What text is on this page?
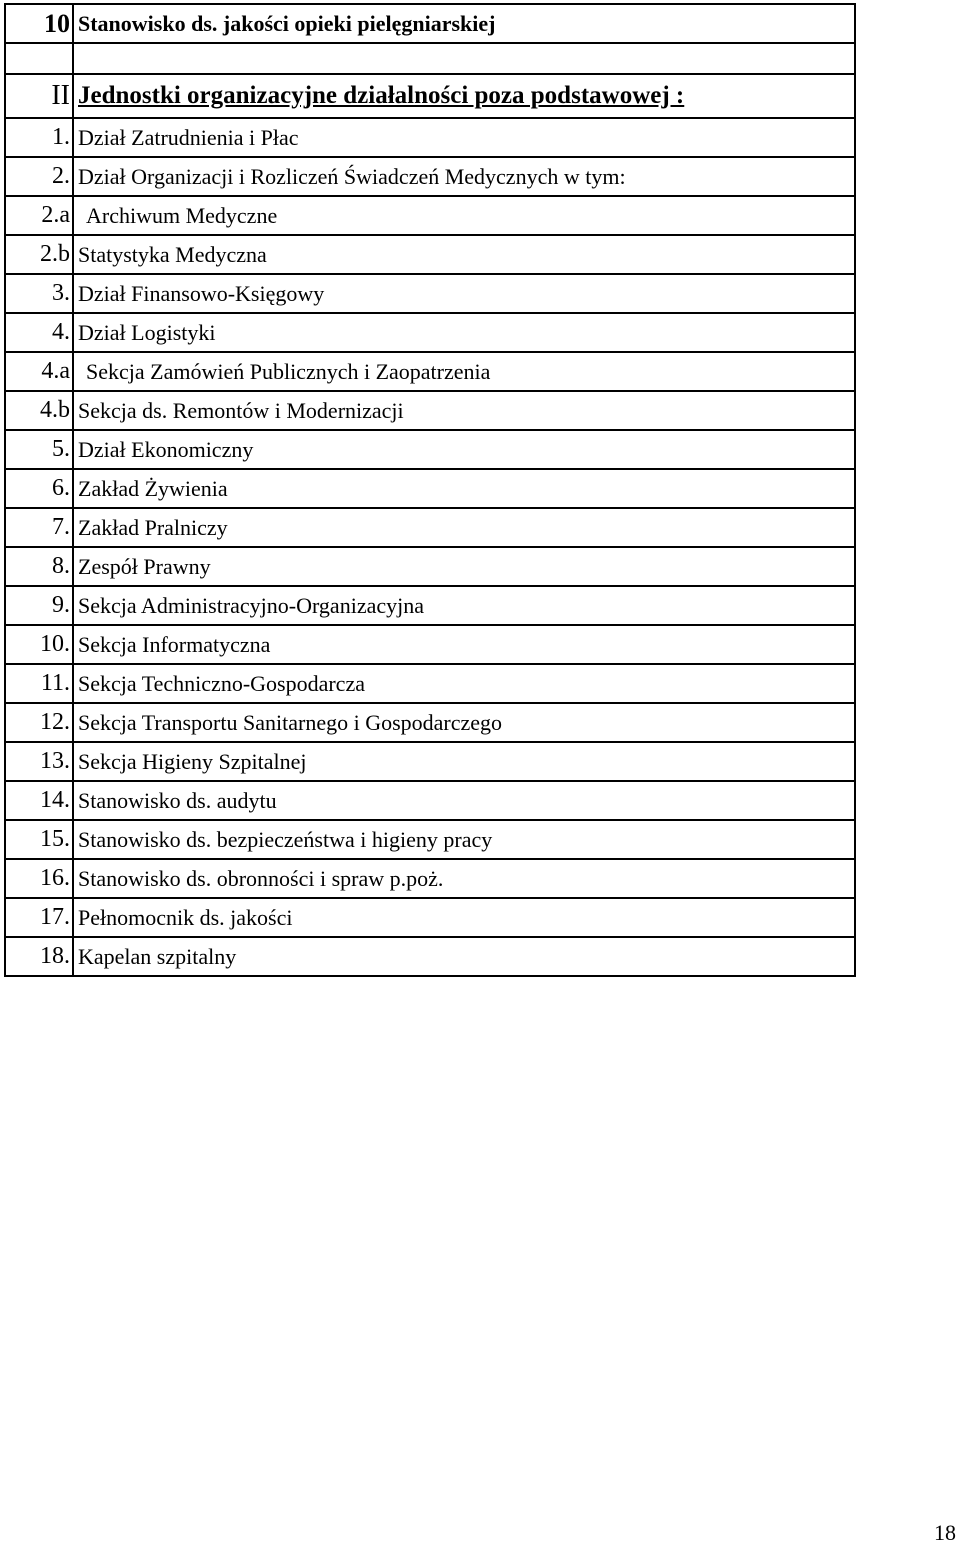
10	Stanowisko ds. jakości opieki pielęgniarskiej

II	Jednostki organizacyjne działalności poza podstawowej :
1.	Dział Zatrudnienia i Płac
2.	Dział Organizacji i Rozliczeń Świadczeń Medycznych w tym:
2.a	Archiwum Medyczne
2.b	Statystyka Medyczna
3.	Dział Finansowo-Księgowy
4.	Dział Logistyki
4.a	Sekcja Zamówień Publicznych i Zaopatrzenia
4.b	Sekcja ds. Remontów i Modernizacji
5.	Dział Ekonomiczny
6.	Zakład Żywienia
7.	Zakład Pralniczy
8.	Zespół Prawny
9.	Sekcja Administracyjno-Organizacyjna
10.	Sekcja Informatyczna
11.	Sekcja Techniczno-Gospodarcza
12.	Sekcja Transportu Sanitarnego i Gospodarczego
13.	Sekcja Higieny Szpitalnej
14.	Stanowisko ds. audytu
15.	Stanowisko ds. bezpieczeństwa i higieny pracy
16.	Stanowisko ds. obronności i spraw p.poż.
17.	Pełnomocnik ds. jakości
18.	Kapelan szpitalny
18
